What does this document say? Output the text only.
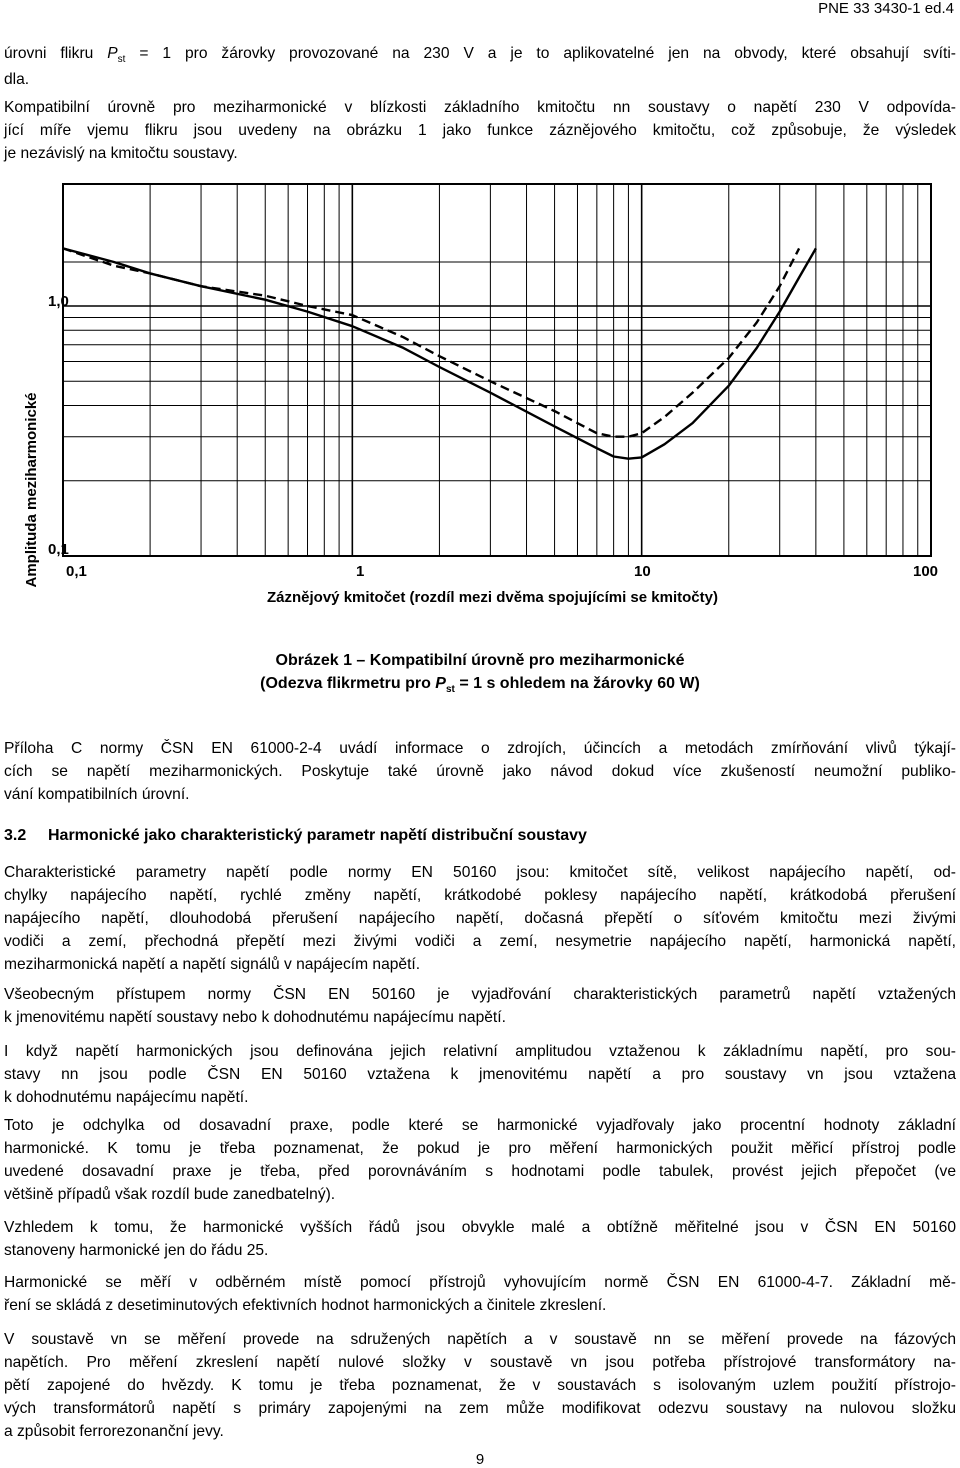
PNE 33 3430-1 ed.4
úrovni flikru $P_{st} = 1$ pro žárovky provozované na 230 V a je to aplikovatelné jen na obvody, které obsahují svíti-
dla.
Kompatibilní úrovně pro meziharmonické v blízkosti základního kmitočtu nn soustavy o napětí 230 V odpovída-
jící míře vjemu flikru jsou uvedeny na obrázku 1 jako funkce záznějového kmitočtu, což způsobuje, že výsledek
je nezávislý na kmitočtu soustavy.
Amplituda meziharmonické
1,0
0,1
0,1	1	10	100
Záznějový kmitočet (rozdíl mezi dvěma spojujícími se kmitočty)
Obrázek 1 – Kompatibilní úrovně pro meziharmonické
(Odezva flikrmetru pro $P_{st} = 1$ s ohledem na žárovky 60 W)
Příloha C normy ČSN EN 61000-2-4 uvádí informace o zdrojích, účincích a metodách zmírňování vlivů týkají-
cích se napětí meziharmonických. Poskytuje také úrovně jako návod dokud více zkušeností neumožní publiko-
vání kompatibilních úrovní.
3.2 Harmonické jako charakteristický parametr napětí distribuční soustavy
Charakteristické parametry napětí podle normy EN 50160 jsou: kmitočet sítě, velikost napájecího napětí, od-
chylky napájecího napětí, rychlé změny napětí, krátkodobé poklesy napájecího napětí, krátkodobá přerušení
napájecího napětí, dlouhodobá přerušení napájecího napětí, dočasná přepětí o síťovém kmitočtu mezi živými
vodiči a zemí, přechodná přepětí mezi živými vodiči a zemí, nesymetrie napájecího napětí, harmonická napětí,
meziharmonická napětí a napětí signálů v napájecím napětí.
Všeobecným přístupem normy ČSN EN 50160 je vyjadřování charakteristických parametrů napětí vztažených
k jmenovitému napětí soustavy nebo k dohodnutému napájecímu napětí.
I když napětí harmonických jsou definována jejich relativní amplitudou vztaženou k základnímu napětí, pro sou-
stavy nn jsou podle ČSN EN 50160 vztažena k jmenovitému napětí a pro soustavy vn jsou vztažena
k dohodnutému napájecímu napětí.
Toto je odchylka od dosavadní praxe, podle které se harmonické vyjadřovaly jako procentní hodnoty základní
harmonické. K tomu je třeba poznamenat, že pokud je pro měření harmonických použit měřicí přístroj podle
uvedené dosavadní praxe je třeba, před porovnáváním s hodnotami podle tabulek, provést jejich přepočet (ve
většině případů však rozdíl bude zanedbatelný).
Vzhledem k tomu, že harmonické vyšších řádů jsou obvykle malé a obtížně měřitelné jsou v ČSN EN 50160
stanoveny harmonické jen do řádu 25.
Harmonické se měří v odběrném místě pomocí přístrojů vyhovujícím normě ČSN EN 61000-4-7. Základní mě-
ření se skládá z desetiminutových efektivních hodnot harmonických a činitele zkreslení.
V soustavě vn se měření provede na sdružených napětích a v soustavě nn se měření provede na fázových
napětích. Pro měření zkreslení napětí nulové složky v soustavě vn jsou potřeba přístrojové transformátory na-
pětí zapojené do hvězdy. K tomu je třeba poznamenat, že v soustavách s isolovaným uzlem použití přístrojo-
vých transformátorů napětí s primáry zapojenými na zem může modifikovat odezvu soustavy na nulovou složku
a způsobit ferrorezonanční jevy.
9
